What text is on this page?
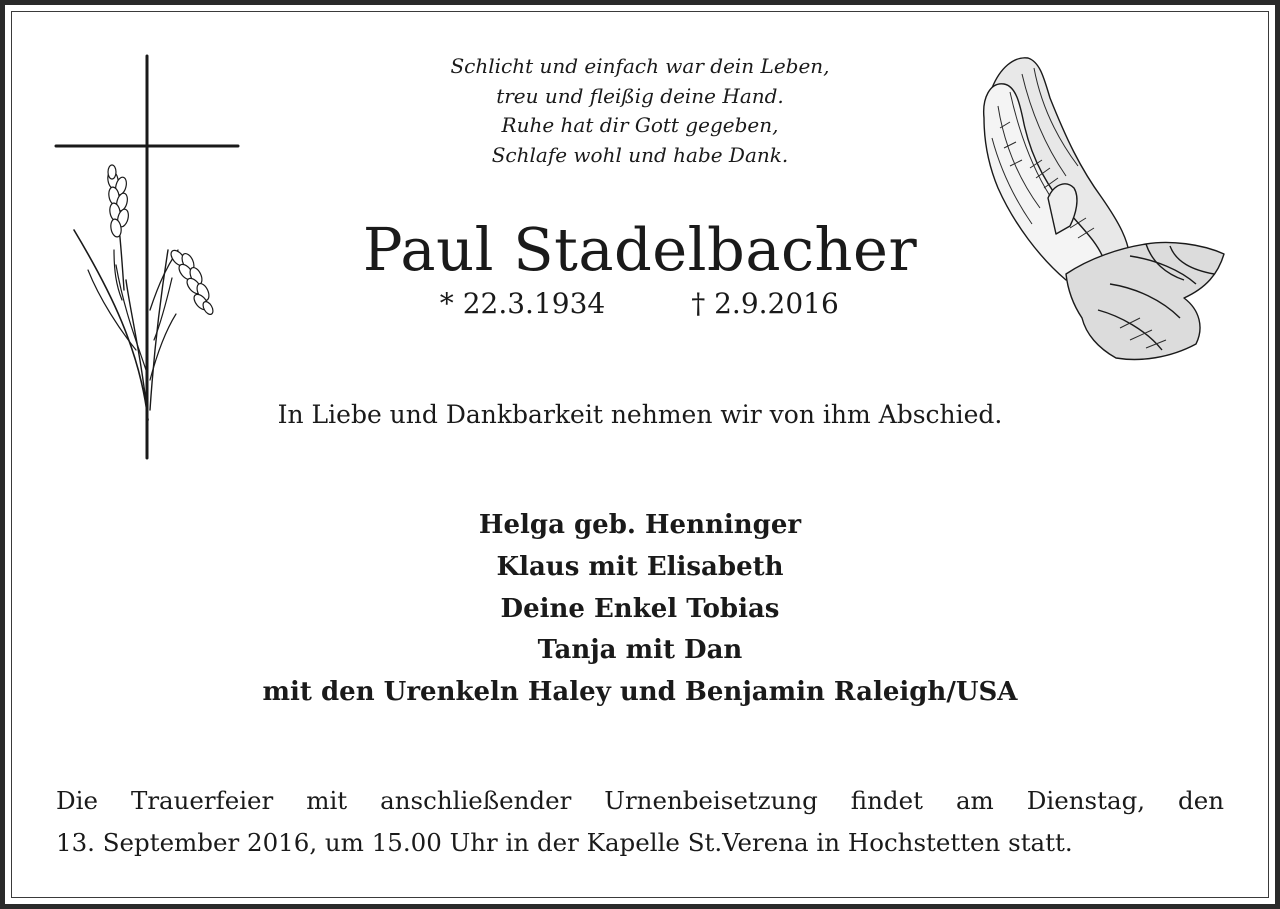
Schlicht und einfach war dein Leben,
treu und fleißig deine Hand.
Ruhe hat dir Gott gegeben,
Schlafe wohl und habe Dank.
Paul Stadelbacher
* 22.3.1934	† 2.9.2016
In Liebe und Dankbarkeit nehmen wir von ihm Abschied.
Helga geb. Henninger
Klaus mit Elisabeth
Deine Enkel Tobias
Tanja mit Dan
mit den Urenkeln Haley und Benjamin Raleigh/USA
Die Trauerfeier mit anschließender Urnenbeisetzung findet am Dienstag, den
13. September 2016, um 15.00 Uhr in der Kapelle St.Verena in Hochstetten statt.
